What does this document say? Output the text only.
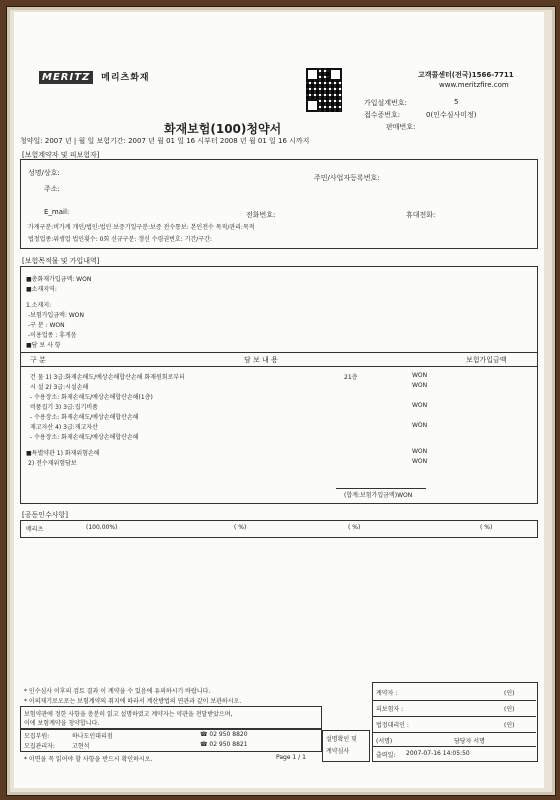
MERITZ 메리츠화재	고객콜센터(전국)1566-7711
www.meritzfire.com
화재보험(100)청약서
가입설계번호:	5
접수증번호:	0(인수심사미정)
판매번호:
청약일: 2007 년 | 월 일 보험기간: 2007 년 월 01 일 16 시부터 2008 년 월 01 일 16 시까지
[보험계약자 및 피보험자]
성명/상호:
주민/사업자등록번호:
주소:
E_mail:	전화번호:	휴대전화:
가계구분:비가계 개인/법인:법인 보증기일구분:보증 전수통보: 본인전수 목적/관리:목적
법정업종:위생업 법인횟수: 0회 신규구분: 갱신 수령권번호: 기간/구간:
[보험목적물 및 가입내역]
■총화재가입금액: WON
■소재지역:
1.소재지:
-보험가입금액: WON
-구 분 : WON
-이용업종 : 휴게음
■담 보 사 항
구 분	담 보 내 용	보험가입금액
건 물 1) 3급:화재손해도/예상손해합산손해 화재원회로부터	21층	WON
시 설 2) 3급:시설손해	WON
- 수용장소: 화재손해도/예상손해합산손해(1층)
비품집기 3) 3급:집기비품	WON
- 수용장소: 화재손해도/예상손해합산손해
재고자산 4) 3급:재고자산	WON
- 수용장소: 화재손해도/예상손해합산손해
■특별약관 1) 화재위험손해	WON
2) 전수재위험담보	WON
(합계:보험가입금액)WON
[공동인수사항]
메리츠	(100.00%)	( %)	( %)	( %)
* 인수심사 이후의 검토 결과 이 계약을 수 있음에 유의하시기 바랍니다.
* 이의제기로오로는 보험계약의 취지에 따라서 계산방법의 연관과 같이 보관하시오.
보험약관에 정한 사항을 충분히 읽고 설명하였고 계약자는 약관을 전달받았으며,
이에 보험계약을 청약합니다.
모집부원:	하나도인대리점	☎ 02 950 8820
모집관리자:	고현석	☎ 02 950 8821
* 이면을 꼭 읽어야 할 사항을 반드시 확인하시오.	Page 1 / 1
설명확인 및
계약심사
계약자 :	(인)
피보험자 :	(인)
법정대리인 :	(인)
(서명)	담당자 서명
출력일: 2007-07-16 14:05:50
